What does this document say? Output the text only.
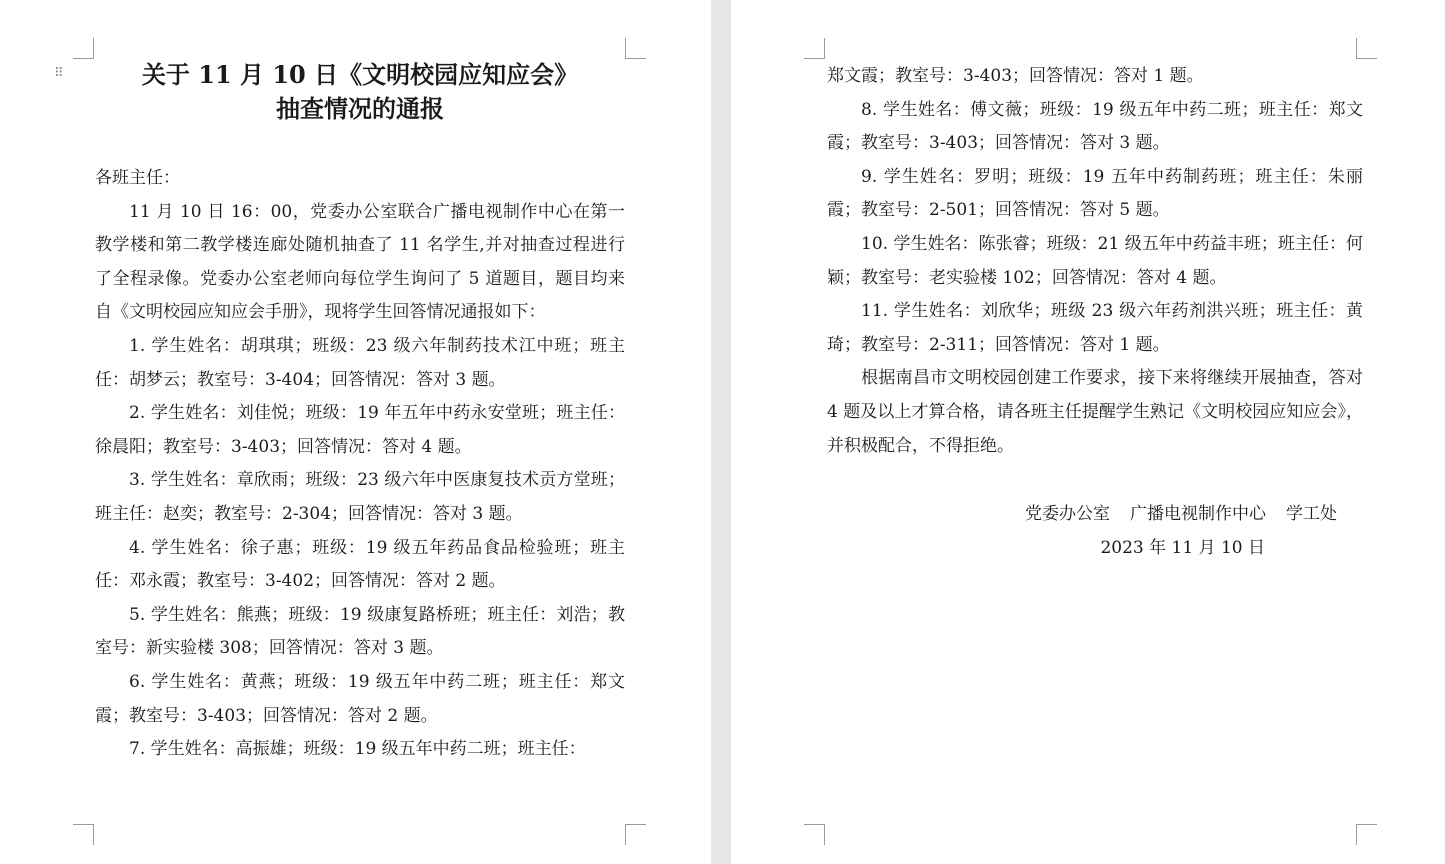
⠿	关于 11 月 10 日《文明校园应知应会》
抽查情况的通报

各班主任：

11 月 10 日 16：00，党委办公室联合广播电视制作中心在第一教学楼和第二教学楼连廊处随机抽查了 11 名学生,并对抽查过程进行了全程录像。党委办公室老师向每位学生询问了 5 道题目，题目均来自《文明校园应知应会手册》，现将学生回答情况通报如下：

1. 学生姓名：胡琪琪；班级：23 级六年制药技术江中班；班主任：胡梦云；教室号：3-404；回答情况：答对 3 题。

2. 学生姓名：刘佳悦；班级：19 年五年中药永安堂班；班主任：徐晨阳；教室号：3-403；回答情况：答对 4 题。

3. 学生姓名：章欣雨；班级：23 级六年中医康复技术贡方堂班；班主任：赵奕；教室号：2-304；回答情况：答对 3 题。

4. 学生姓名：徐子惠；班级：19 级五年药品食品检验班；班主任：邓永霞；教室号：3-402；回答情况：答对 2 题。

5. 学生姓名：熊燕；班级：19 级康复路桥班；班主任：刘浩；教室号：新实验楼 308；回答情况：答对 3 题。

6. 学生姓名：黄燕；班级：19 级五年中药二班；班主任：郑文霞；教室号：3-403；回答情况：答对 2 题。

7. 学生姓名：高振雄；班级：19 级五年中药二班；班主任：

郑文霞；教室号：3-403；回答情况：答对 1 题。

8. 学生姓名：傅文薇；班级：19 级五年中药二班；班主任：郑文霞；教室号：3-403；回答情况：答对 3 题。

9. 学生姓名：罗明；班级：19 五年中药制药班；班主任：朱丽霞；教室号：2-501；回答情况：答对 5 题。

10. 学生姓名：陈张睿；班级：21 级五年中药益丰班；班主任：何颖；教室号：老实验楼 102；回答情况：答对 4 题。

11. 学生姓名：刘欣华；班级 23 级六年药剂洪兴班；班主任：黄琦；教室号：2-311；回答情况：答对 1 题。

根据南昌市文明校园创建工作要求，接下来将继续开展抽查，答对 4 题及以上才算合格，请各班主任提醒学生熟记《文明校园应知应会》，并积极配合，不得拒绝。

党委办公室 广播电视制作中心 学工处
2023 年 11 月 10 日
